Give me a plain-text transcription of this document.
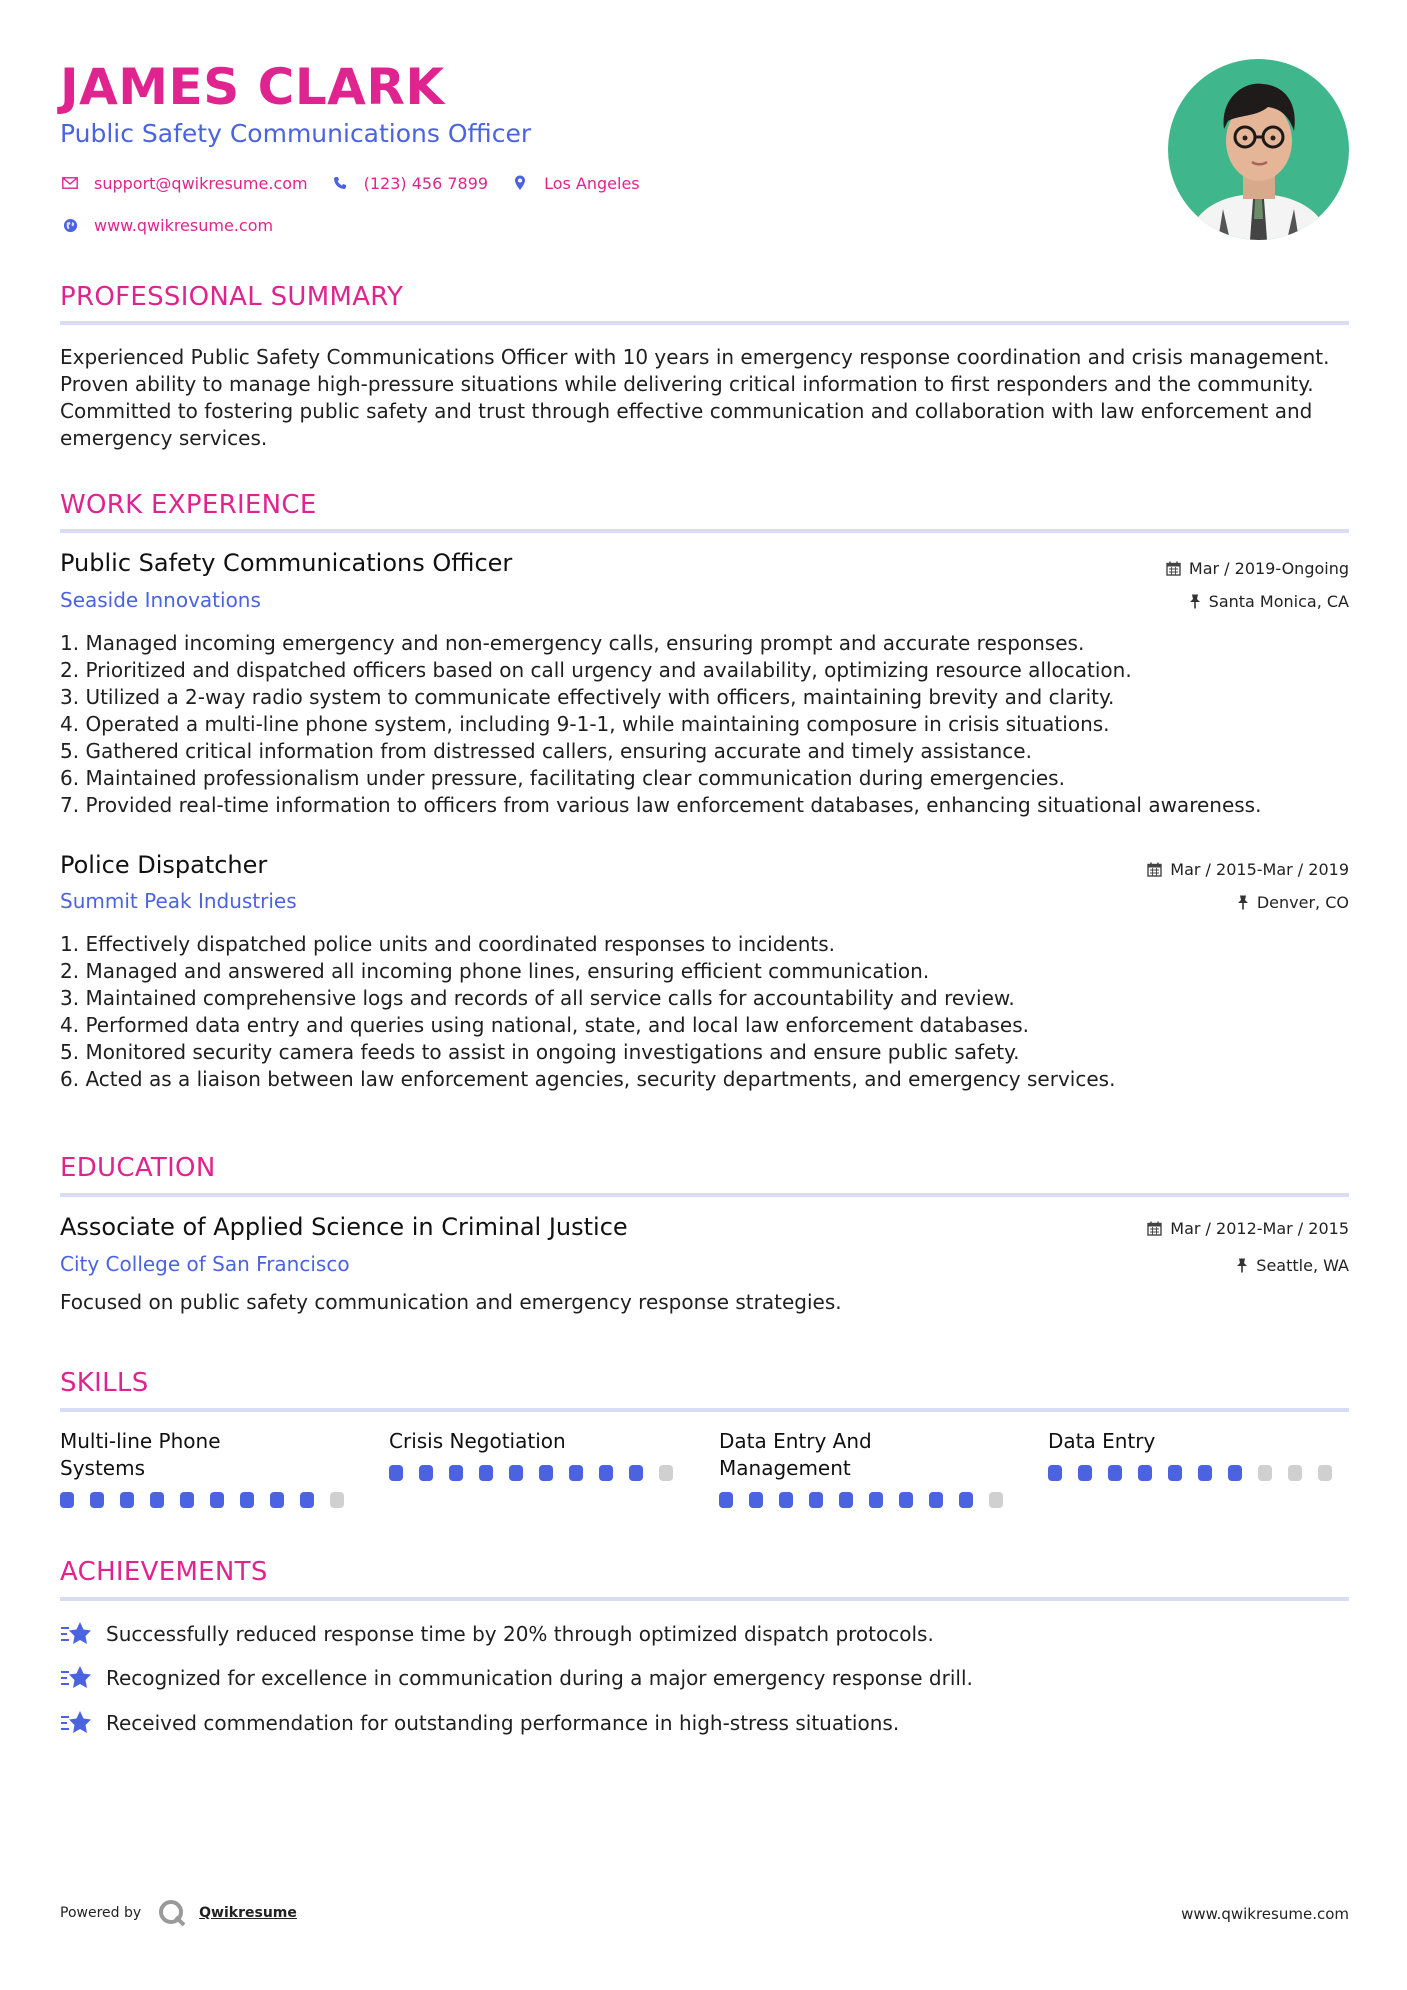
JAMES CLARK
Public Safety Communications Officer
support@qwikresume.com	(123) 456 7899	Los Angeles
www.qwikresume.com
PROFESSIONAL SUMMARY
Experienced Public Safety Communications Officer with 10 years in emergency response coordination and crisis management. Proven ability to manage high-pressure situations while delivering critical information to first responders and the community. Committed to fostering public safety and trust through effective communication and collaboration with law enforcement and emergency services.
WORK EXPERIENCE
Public Safety Communications Officer	Mar / 2019-Ongoing
Seaside Innovations	Santa Monica, CA
1. Managed incoming emergency and non-emergency calls, ensuring prompt and accurate responses.
2. Prioritized and dispatched officers based on call urgency and availability, optimizing resource allocation.
3. Utilized a 2-way radio system to communicate effectively with officers, maintaining brevity and clarity.
4. Operated a multi-line phone system, including 9-1-1, while maintaining composure in crisis situations.
5. Gathered critical information from distressed callers, ensuring accurate and timely assistance.
6. Maintained professionalism under pressure, facilitating clear communication during emergencies.
7. Provided real-time information to officers from various law enforcement databases, enhancing situational awareness.
Police Dispatcher	Mar / 2015-Mar / 2019
Summit Peak Industries	Denver, CO
1. Effectively dispatched police units and coordinated responses to incidents.
2. Managed and answered all incoming phone lines, ensuring efficient communication.
3. Maintained comprehensive logs and records of all service calls for accountability and review.
4. Performed data entry and queries using national, state, and local law enforcement databases.
5. Monitored security camera feeds to assist in ongoing investigations and ensure public safety.
6. Acted as a liaison between law enforcement agencies, security departments, and emergency services.
EDUCATION
Associate of Applied Science in Criminal Justice	Mar / 2012-Mar / 2015
City College of San Francisco	Seattle, WA
Focused on public safety communication and emergency response strategies.
SKILLS
Multi-line Phone Systems
Crisis Negotiation	Data Entry And Management
Data Entry
ACHIEVEMENTS
Successfully reduced response time by 20% through optimized dispatch protocols.
Recognized for excellence in communication during a major emergency response drill.
Received commendation for outstanding performance in high-stress situations.
Powered by	Qwikresume	www.qwikresume.com
